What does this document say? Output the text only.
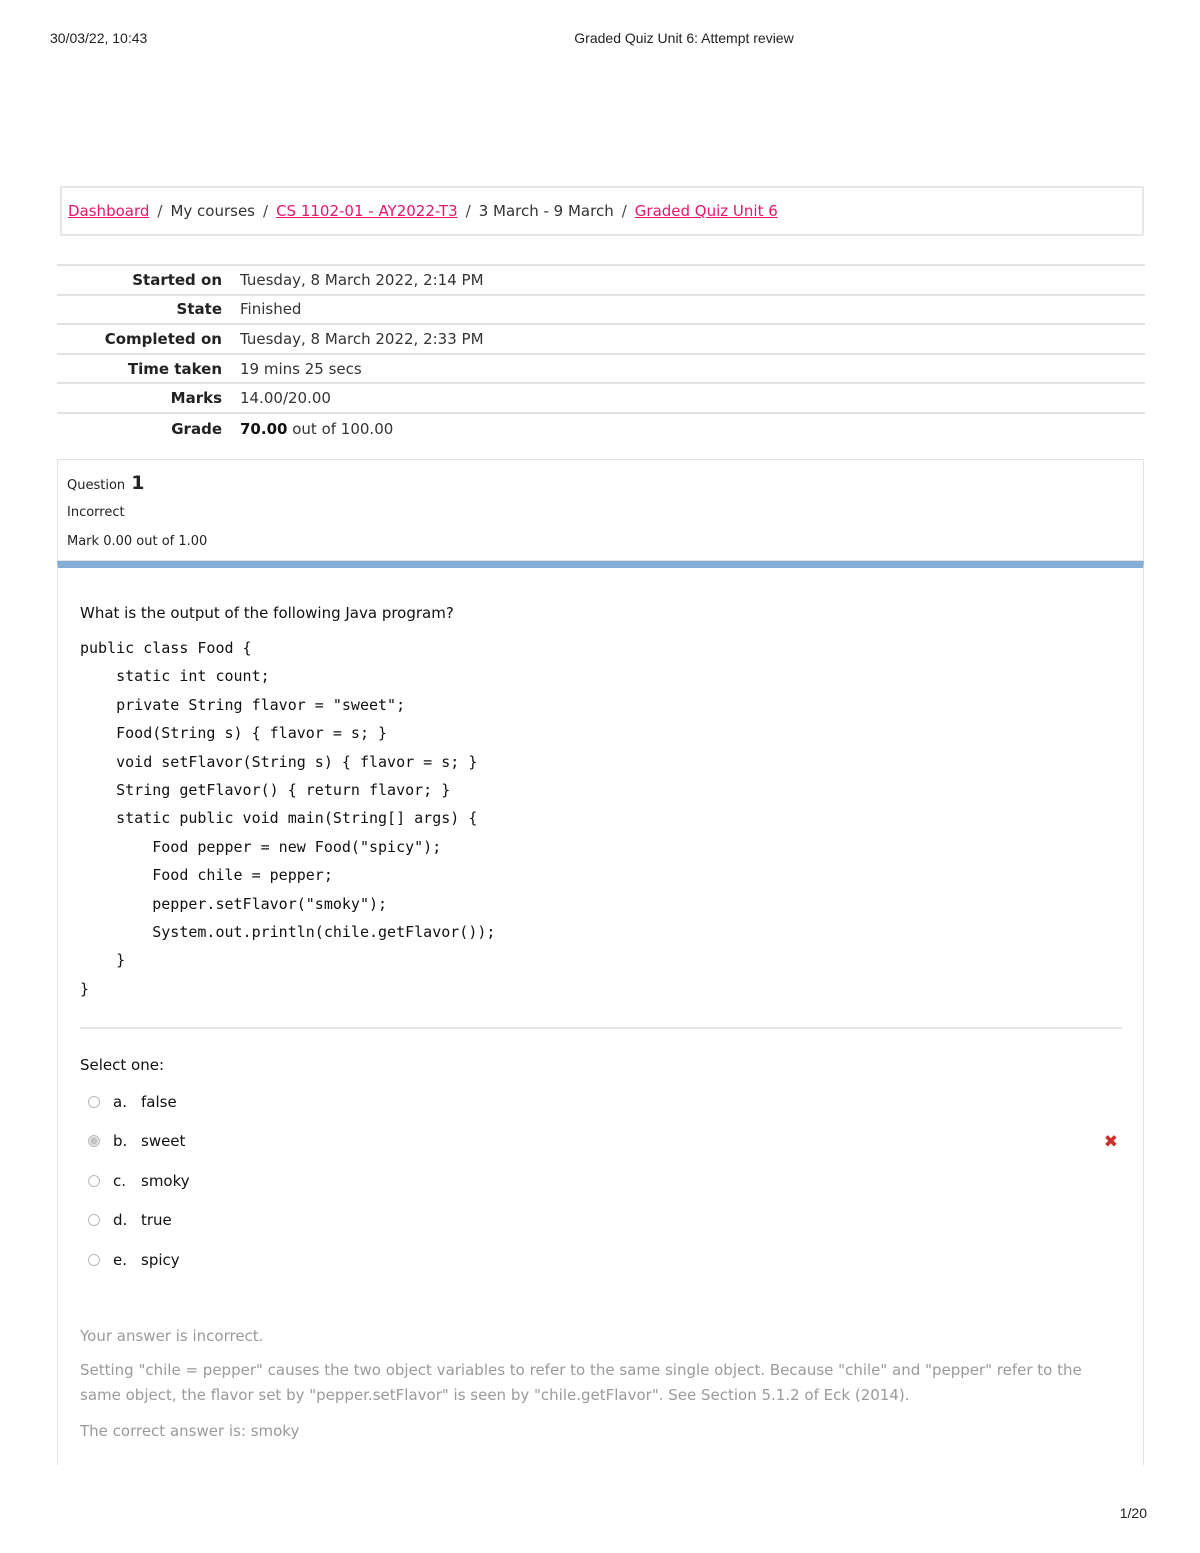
30/03/22, 10:43	Graded Quiz Unit 6: Attempt review
Dashboard / My courses / CS 1102-01 - AY2022-T3 / 3 March - 9 March / Graded Quiz Unit 6
Started on	Tuesday, 8 March 2022, 2:14 PM
State	Finished
Completed on	Tuesday, 8 March 2022, 2:33 PM
Time taken	19 mins 25 secs
Marks	14.00/20.00
Grade	70.00 out of 100.00
Question 1
Incorrect
Mark 0.00 out of 1.00
What is the output of the following Java program?
public class Food {
static int count;
private String flavor = "sweet";
Food(String s) { flavor = s; }
void setFlavor(String s) { flavor = s; }
String getFlavor() { return flavor; }
static public void main(String[] args) {
Food pepper = new Food("spicy");
Food chile = pepper;
pepper.setFlavor("smoky");
System.out.println(chile.getFlavor());
}
}
Select one:
a. false
b. sweet	✖
c. smoky
d. true
e. spicy
Your answer is incorrect.
Setting "chile = pepper" causes the two object variables to refer to the same single object. Because "chile" and "pepper" refer to the same object, the flavor set by "pepper.setFlavor" is seen by "chile.getFlavor". See Section 5.1.2 of Eck (2014).
The correct answer is: smoky
1/20
